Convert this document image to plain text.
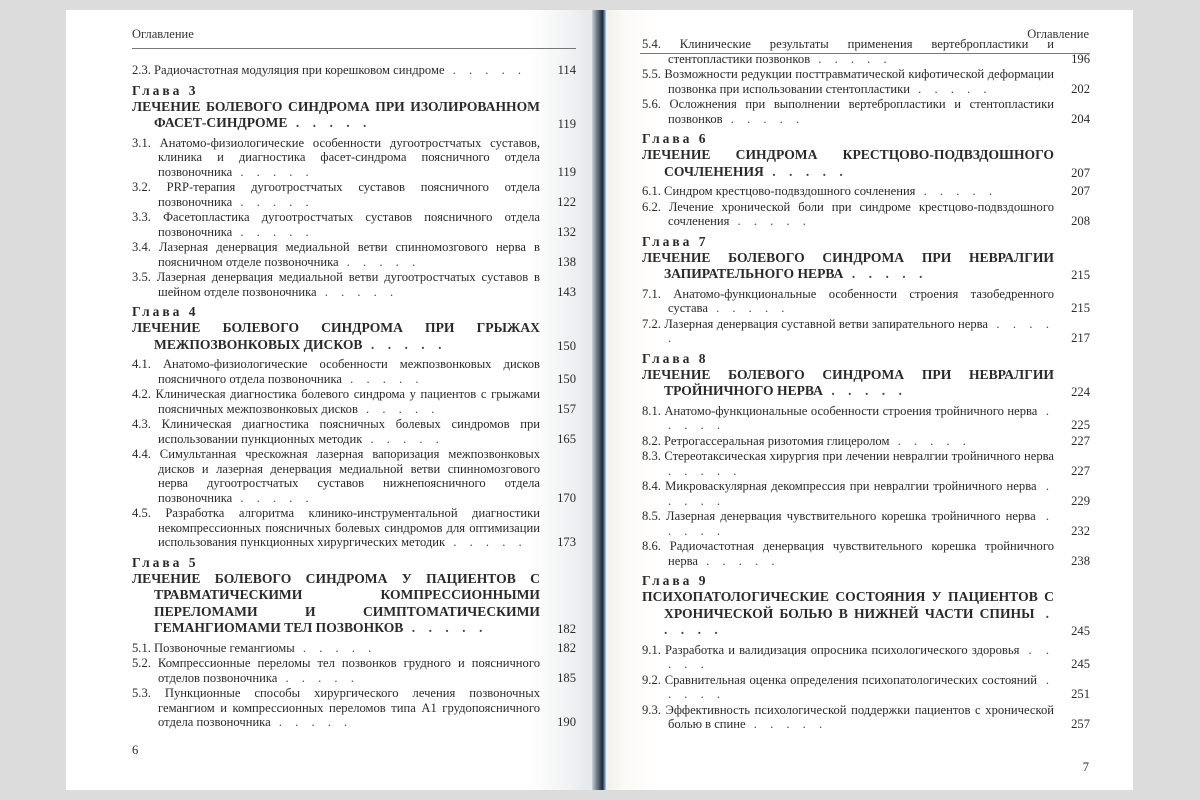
Оглавление
2.3. Радиочастотная модуляция при корешковом синдроме . . . . .	114
Глава 3
ЛЕЧЕНИЕ БОЛЕВОГО СИНДРОМА ПРИ ИЗОЛИРОВАННОМ ФАСЕТ-СИНДРОМЕ . . . . .	119
3.1. Анатомо-физиологические особенности дугоотростчатых суставов, клиника и диагностика фасет-синдрома поясничного отдела позвоночника . . . . .	119
3.2. PRP-терапия дугоотростчатых суставов поясничного отдела позвоночника . . . . .	122
3.3. Фасетопластика дугоотростчатых суставов поясничного отдела позвоночника . . . . .	132
3.4. Лазерная денервация медиальной ветви спинномозгового нерва в поясничном отделе позвоночника . . . . .	138
3.5. Лазерная денервация медиальной ветви дугоотростчатых суставов в шейном отделе позвоночника . . . . .	143
Глава 4
ЛЕЧЕНИЕ БОЛЕВОГО СИНДРОМА ПРИ ГРЫЖАХ МЕЖПОЗВОНКОВЫХ ДИСКОВ . . . . .	150
4.1. Анатомо-физиологические особенности межпозвонковых дисков поясничного отдела позвоночника . . . . .	150
4.2. Клиническая диагностика болевого синдрома у пациентов с грыжами поясничных межпозвонковых дисков . . . . .	157
4.3. Клиническая диагностика поясничных болевых синдромов при использовании пункционных методик . . . . .	165
4.4. Симультанная чрескожная лазерная вапоризация межпозвонковых дисков и лазерная денервация медиальной ветви спинномозгового нерва дугоотростчатых суставов нижнепоясничного отдела позвоночника . . . . .	170
4.5. Разработка алгоритма клинико-инструментальной диагностики некомпрессионных поясничных болевых синдромов для оптимизации использования пункционных хирургических методик . . . . .	173
Глава 5
ЛЕЧЕНИЕ БОЛЕВОГО СИНДРОМА У ПАЦИЕНТОВ С ТРАВМАТИЧЕСКИМИ КОМПРЕССИОННЫМИ ПЕРЕЛОМАМИ И СИМПТОМАТИЧЕСКИМИ ГЕМАНГИОМАМИ ТЕЛ ПОЗВОНКОВ . . . . .	182
5.1. Позвоночные гемангиомы . . . . .	182
5.2. Компрессионные переломы тел позвонков грудного и поясничного отделов позвоночника . . . . .	185
5.3. Пункционные способы хирургического лечения позвоночных гемангиом и компрессионных переломов типа А1 грудопоясничного отдела позвоночника . . . . .	190
6
Оглавление
5.4. Клинические результаты применения вертебропластики и стентопластики позвонков . . . . .	196
5.5. Возможности редукции посттравматической кифотической деформации позвонка при использовании стентопластики . . . . .	202
5.6. Осложнения при выполнении вертебропластики и стентопластики позвонков . . . . .	204
Глава 6
ЛЕЧЕНИЕ СИНДРОМА КРЕСТЦОВО-ПОДВЗДОШНОГО СОЧЛЕНЕНИЯ . . . . .	207
6.1. Синдром крестцово-подвздошного сочленения . . . . .	207
6.2. Лечение хронической боли при синдроме крестцово-подвздошного сочленения . . . . .	208
Глава 7
ЛЕЧЕНИЕ БОЛЕВОГО СИНДРОМА ПРИ НЕВРАЛГИИ ЗАПИРАТЕЛЬНОГО НЕРВА . . . . .	215
7.1. Анатомо-функциональные особенности строения тазобедренного сустава . . . . .	215
7.2. Лазерная денервация суставной ветви запирательного нерва . . . . .	217
Глава 8
ЛЕЧЕНИЕ БОЛЕВОГО СИНДРОМА ПРИ НЕВРАЛГИИ ТРОЙНИЧНОГО НЕРВА . . . . .	224
8.1. Анатомо-функциональные особенности строения тройничного нерва . . . . .	225
8.2. Ретрогассеральная ризотомия глицеролом . . . . .	227
8.3. Стереотаксическая хирургия при лечении невралгии тройничного нерва . . . . .	227
8.4. Микроваскулярная декомпрессия при невралгии тройничного нерва . . . . .	229
8.5. Лазерная денервация чувствительного корешка тройничного нерва . . . . .	232
8.6. Радиочастотная денервация чувствительного корешка тройничного нерва . . . . .	238
Глава 9
ПСИХОПАТОЛОГИЧЕСКИЕ СОСТОЯНИЯ У ПАЦИЕНТОВ С ХРОНИЧЕСКОЙ БОЛЬЮ В НИЖНЕЙ ЧАСТИ СПИНЫ . . . . .	245
9.1. Разработка и валидизация опросника психологического здоровья . . . . .	245
9.2. Сравнительная оценка определения психопатологических состояний . . . . .	251
9.3. Эффективность психологической поддержки пациентов с хронической болью в спине . . . . .	257
7
